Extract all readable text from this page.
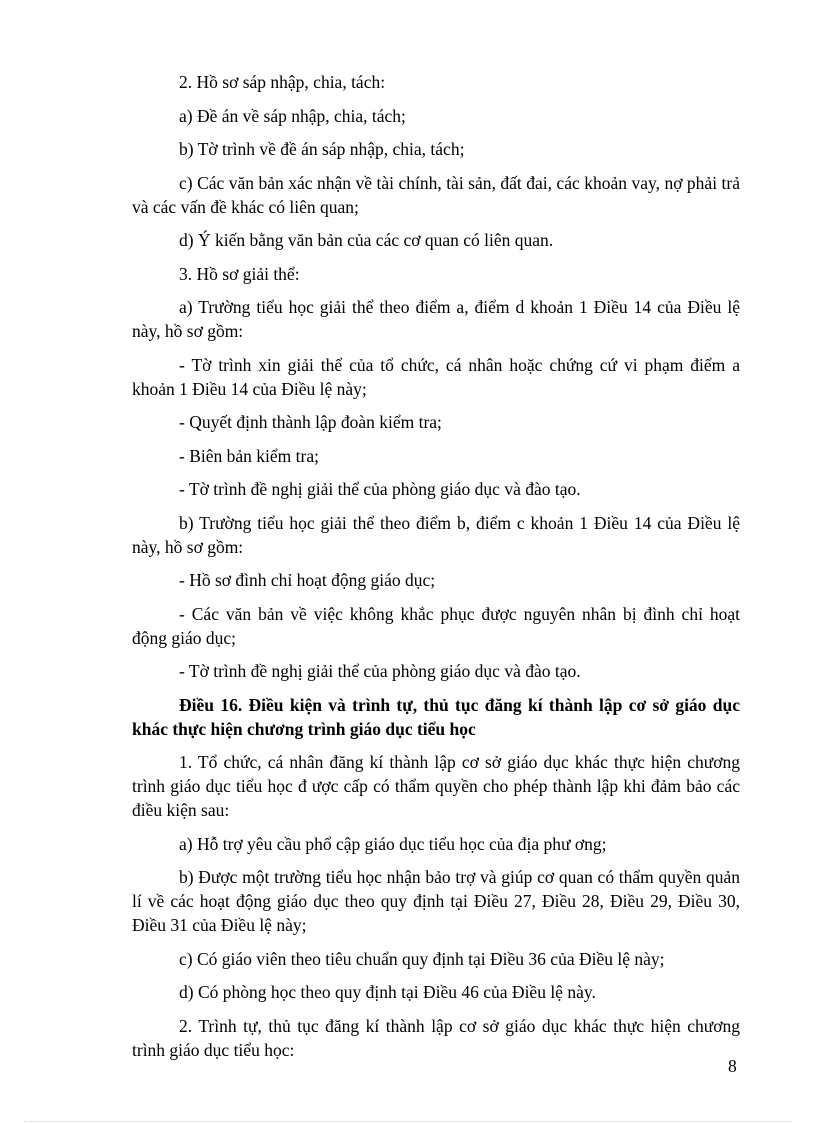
2. Hồ sơ sáp nhập, chia, tách:

a) Đề án về sáp nhập, chia, tách;

b) Tờ trình về đề án sáp nhập, chia, tách;

c) Các văn bản xác nhận về tài chính, tài sản, đất đai, các khoản vay, nợ phải trả và các vấn đề khác có liên quan;

d) Ý kiến bằng văn bản của các cơ quan có liên quan.

3. Hồ sơ giải thể:

a) Trường tiểu học giải thể theo điểm a, điểm d khoản 1 Điều 14 của Điều lệ này, hồ sơ gồm:

- Tờ trình xin giải thể của tổ chức, cá nhân hoặc chứng cứ vi phạm điểm a khoản 1 Điều 14 của Điều lệ này;

- Quyết định thành lập đoàn kiểm tra;

- Biên bản kiểm tra;

- Tờ trình đề nghị giải thể của phòng giáo dục và đào tạo.

b) Trường tiểu học giải thể theo điểm b, điểm c khoản 1 Điều 14 của Điều lệ này, hồ sơ gồm:

- Hồ sơ đình chỉ hoạt động giáo dục;

- Các văn bản về việc không khắc phục được nguyên nhân bị đình chỉ hoạt động giáo dục;

- Tờ trình đề nghị giải thể của phòng giáo dục và đào tạo.

Điều 16. Điều kiện và trình tự, thủ tục đăng kí thành lập cơ sở giáo dục khác thực hiện chương trình giáo dục tiểu học

1. Tổ chức, cá nhân đăng kí thành lập cơ sở giáo dục khác thực hiện chương trình giáo dục tiểu học đ ược cấp có thẩm quyền cho phép thành lập khi đảm bảo các điều kiện sau:

a) Hỗ trợ yêu cầu phổ cập giáo dục tiểu học của địa phư ơng;

b) Được một trường tiểu học nhận bảo trợ và giúp cơ quan có thẩm quyền quản lí về các hoạt động giáo dục theo quy định tại Điều 27, Điều 28, Điều 29, Điều 30, Điều 31 của Điều lệ này;

c) Có giáo viên theo tiêu chuẩn quy định tại Điều 36 của Điều lệ này;

d) Có phòng học theo quy định tại Điều 46 của Điều lệ này.

2. Trình tự, thủ tục đăng kí thành lập cơ sở giáo dục khác thực hiện chương trình giáo dục tiểu học:

8
